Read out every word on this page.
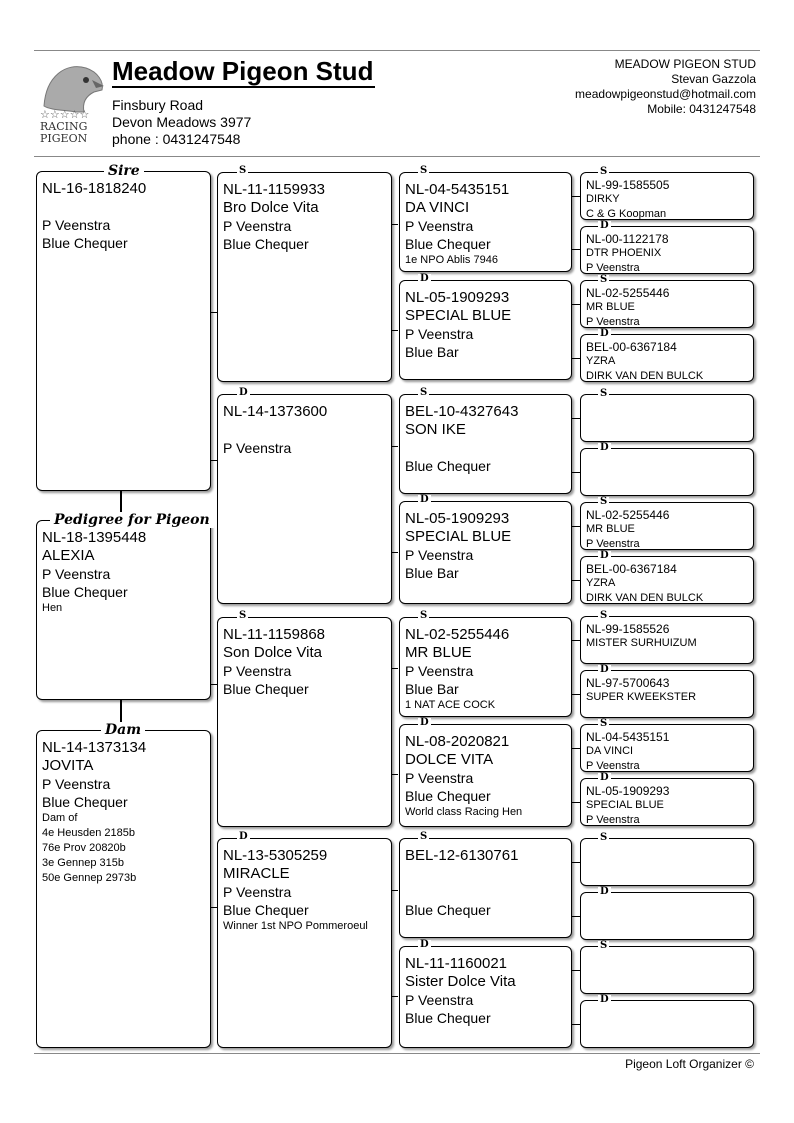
☆☆☆☆☆
RACING
PIGEON
Meadow Pigeon Stud
Finsbury Road
Devon Meadows 3977
phone : 0431247548
MEADOW PIGEON STUD
Stevan Gazzola
meadowpigeonstud@hotmail.com
Mobile: 0431247548
NL-16-1818240
P Veenstra
Blue Chequer
Sire
NL-18-1395448
ALEXIA
P Veenstra
Blue Chequer
Hen
Pedigree for Pigeon
NL-14-1373134
JOVITA
P Veenstra
Blue Chequer
Dam of
4e Heusden 2185b
76e Prov 20820b
3e Gennep 315b
50e Gennep 2973b
Dam
NL-11-1159933
Bro Dolce Vita
P Veenstra
Blue Chequer
S
NL-14-1373600
P Veenstra
D
NL-11-1159868
Son Dolce Vita
P Veenstra
Blue Chequer
S
NL-13-5305259
MIRACLE
P Veenstra
Blue Chequer
Winner 1st NPO Pommeroeul
D
NL-04-5435151
DA VINCI
P Veenstra
Blue Chequer
1e NPO Ablis 7946
S
NL-05-1909293
SPECIAL BLUE
P Veenstra
Blue Bar
D
BEL-10-4327643
SON IKE
Blue Chequer
S
NL-05-1909293
SPECIAL BLUE
P Veenstra
Blue Bar
D
NL-02-5255446
MR BLUE
P Veenstra
Blue Bar
1 NAT ACE COCK
S
NL-08-2020821
DOLCE VITA
P Veenstra
Blue Chequer
World class Racing Hen
D
BEL-12-6130761
Blue Chequer
S
NL-11-1160021
Sister Dolce Vita
P Veenstra
Blue Chequer
D
NL-99-1585505
DIRKY
C & G Koopman
S
NL-00-1122178
DTR PHOENIX
P Veenstra
D
NL-02-5255446
MR BLUE
P Veenstra
S
BEL-00-6367184
YZRA
DIRK VAN DEN BULCK
D
S
D
NL-02-5255446
MR BLUE
P Veenstra
S
BEL-00-6367184
YZRA
DIRK VAN DEN BULCK
D
NL-99-1585526
MISTER SURHUIZUM
S
NL-97-5700643
SUPER KWEEKSTER
D
NL-04-5435151
DA VINCI
P Veenstra
S
NL-05-1909293
SPECIAL BLUE
P Veenstra
D
S
D
S
D
Pigeon Loft Organizer ©
